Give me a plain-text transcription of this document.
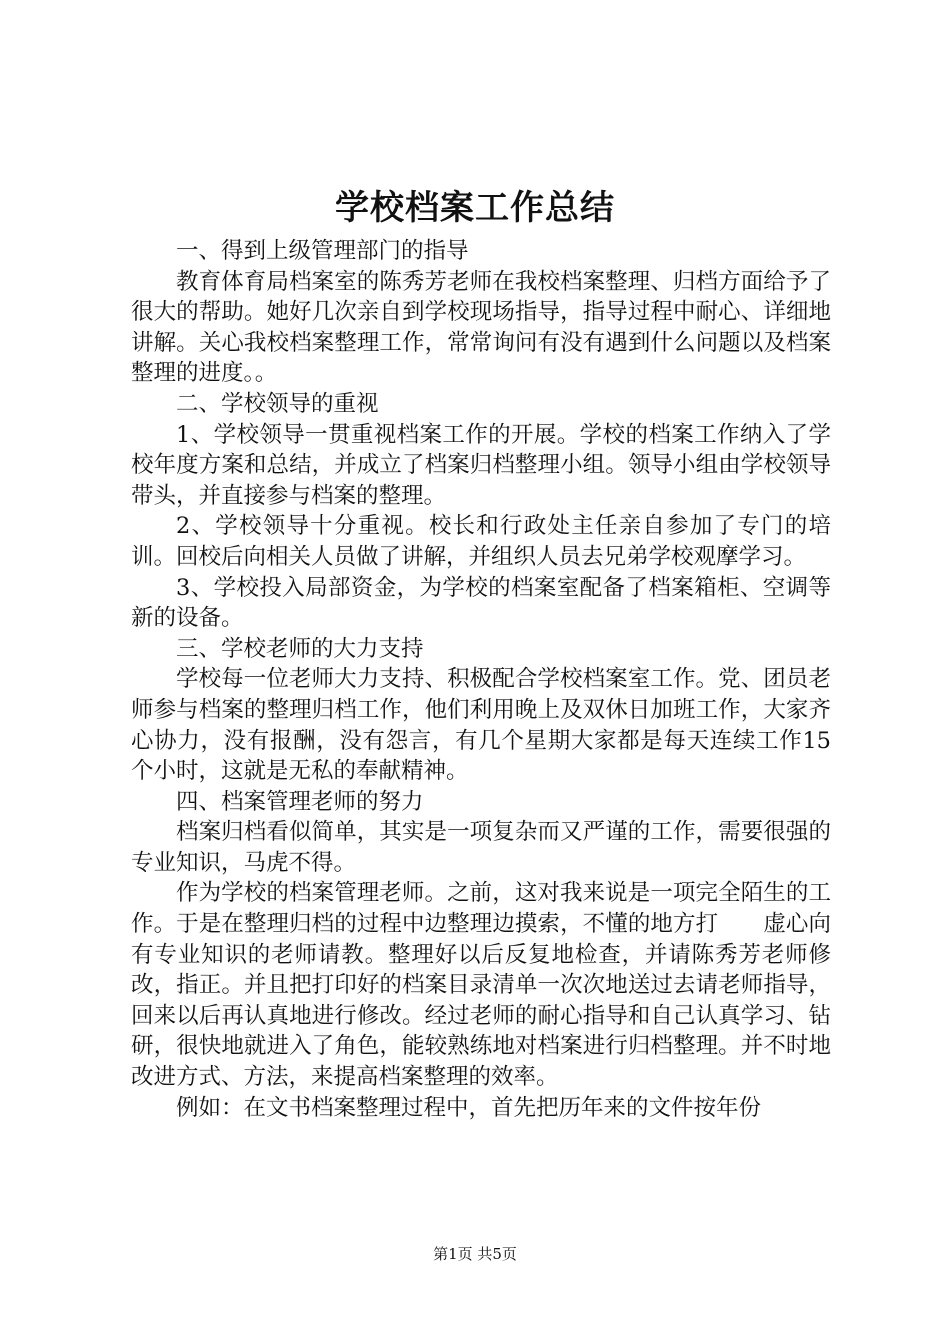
学校档案工作总结

一、得到上级管理部门的指导

教育体育局档案室的陈秀芳老师在我校档案整理、归档方面给予了很大的帮助。她好几次亲自到学校现场指导，指导过程中耐心、详细地讲解。关心我校档案整理工作，常常询问有没有遇到什么问题以及档案整理的进度。。

二、学校领导的重视

1、学校领导一贯重视档案工作的开展。学校的档案工作纳入了学校年度方案和总结，并成立了档案归档整理小组。领导小组由学校领导带头，并直接参与档案的整理。

2、学校领导十分重视。校长和行政处主任亲自参加了专门的培训。回校后向相关人员做了讲解，并组织人员去兄弟学校观摩学习。

3、学校投入局部资金，为学校的档案室配备了档案箱柜、空调等新的设备。

三、学校老师的大力支持

学校每一位老师大力支持、积极配合学校档案室工作。党、团员老师参与档案的整理归档工作，他们利用晚上及双休日加班工作，大家齐心协力，没有报酬，没有怨言，有几个星期大家都是每天连续工作15个小时，这就是无私的奉献精神。

四、档案管理老师的努力

档案归档看似简单，其实是一项复杂而又严谨的工作，需要很强的专业知识，马虎不得。

作为学校的档案管理老师。之前，这对我来说是一项完全陌生的工作。于是在整理归档的过程中边整理边摸索，不懂的地方打　　虚心向有专业知识的老师请教。整理好以后反复地检查，并请陈秀芳老师修改，指正。并且把打印好的档案目录清单一次次地送过去请老师指导，回来以后再认真地进行修改。经过老师的耐心指导和自己认真学习、钻研，很快地就进入了角色，能较熟练地对档案进行归档整理。并不时地改进方式、方法，来提高档案整理的效率。

例如：在文书档案整理过程中，首先把历年来的文件按年份

第1页 共5页
